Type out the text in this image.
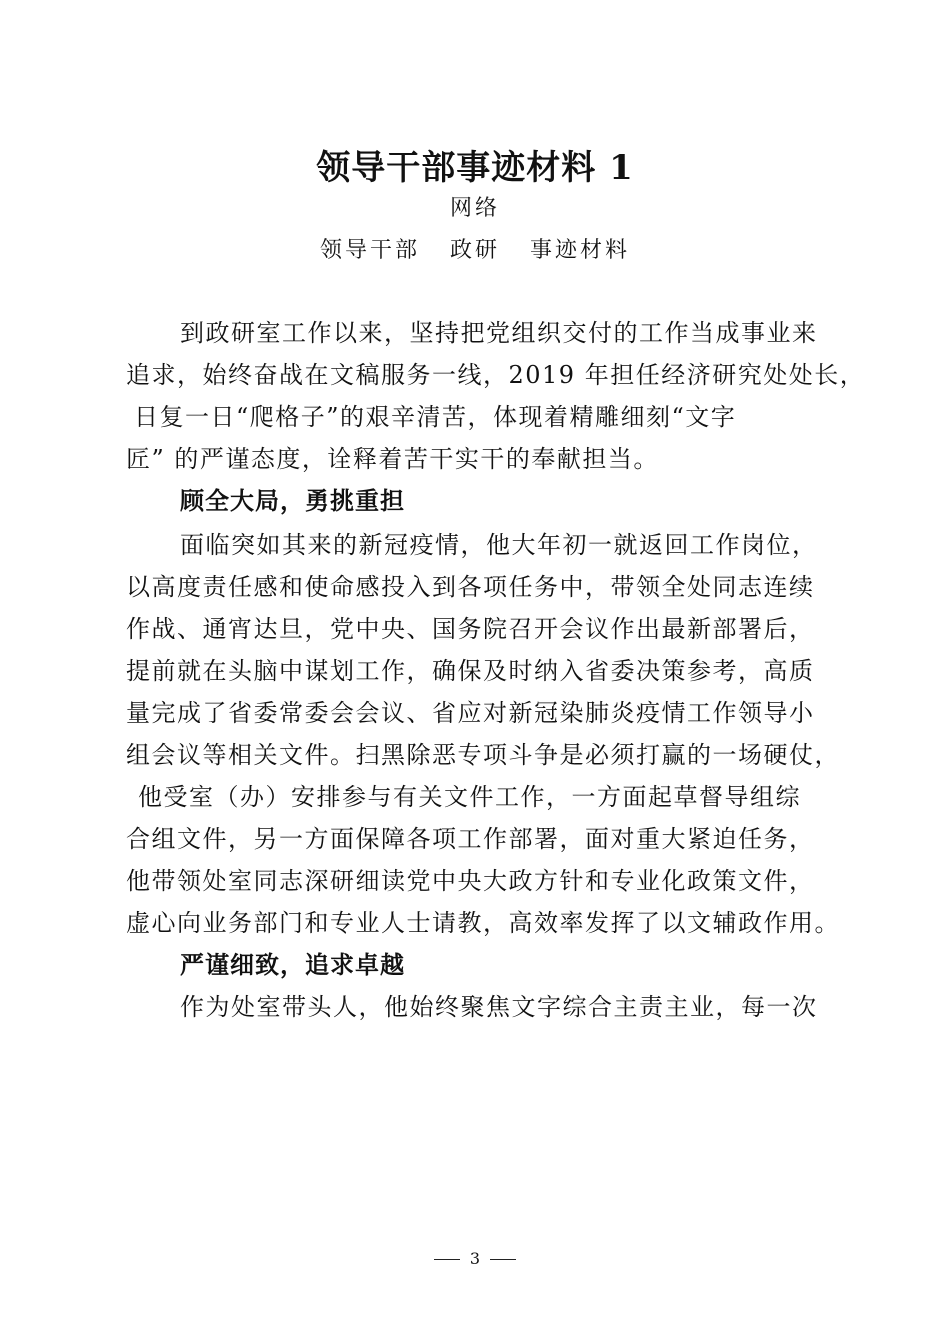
领导干部事迹材料 1
网络
领导干部 政研 事迹材料
到政研室工作以来，坚持把党组织交付的工作当成事业来
追求，始终奋战在文稿服务一线，2019 年担任经济研究处处长，
日复一日“爬格子”的艰辛清苦，体现着精雕细刻“文字
匠” 的严谨态度，诠释着苦干实干的奉献担当。
顾全大局，勇挑重担
面临突如其来的新冠疫情，他大年初一就返回工作岗位，
以高度责任感和使命感投入到各项任务中，带领全处同志连续
作战、通宵达旦，党中央、国务院召开会议作出最新部署后，
提前就在头脑中谋划工作，确保及时纳入省委决策参考，高质
量完成了省委常委会会议、省应对新冠染肺炎疫情工作领导小
组会议等相关文件。扫黑除恶专项斗争是必须打赢的一场硬仗，
他受室（办）安排参与有关文件工作，一方面起草督导组综
合组文件，另一方面保障各项工作部署，面对重大紧迫任务，
他带领处室同志深研细读党中央大政方针和专业化政策文件，
虚心向业务部门和专业人士请教，高效率发挥了以文辅政作用。
严谨细致，追求卓越
作为处室带头人，他始终聚焦文字综合主责主业，每一次
3
